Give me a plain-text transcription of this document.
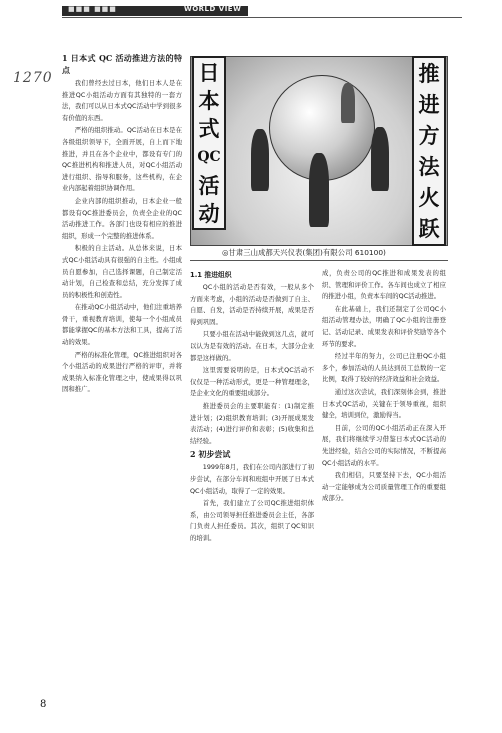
■■■ ■■■	WORLD VIEW
1270	日
本
式
QC
活
动
推
进
方
法
火
跃
◎甘肃三山成都天兴仪表(集团)有限公司 610100)
1 日本式 QC 活动推进方法的特点

我们曾经去过日本，他们日本人是在推进QC小组活动方面有其独特的一套方法，我们可以从日本式QC活动中学到很多有价值的东西。

严格的组织推动。QC活动在日本是在各级组织领导下，全面开展，自上而下地推进，并且在各个企业中，都设有专门的QC推进机构和推进人员，对QC小组活动进行组织、指导和服务，这些机构，在企业内部起着组织协调作用。

企业内部的组织推动，日本企业一般都设有QC推进委员会，负责全企业的QC活动推进工作。各部门也设有相应的推进组织，形成一个完整的推进体系。

积极的自主活动。从总体来说，日本式QC小组活动具有很强的自主性。小组成员自愿参加，自己选择课题，自己制定活动计划，自己检查和总结，充分发挥了成员的积极性和创造性。

在推动QC小组活动中，他们注重培养骨干，重视教育培训，使每一个小组成员都能掌握QC的基本方法和工具，提高了活动的效果。

严格的标准化管理，QC推进组织对各个小组活动的成果进行严格的评审，并将成果纳入标准化管理之中，使成果得以巩固和推广。

1.1 推进组织

QC小组的活动是否有效，一般从多个方面来考虑，小组的活动是否做到了自主、自愿、自发，活动是否持续开展，成果是否得到巩固。

只要小组在活动中能做到这几点，就可以认为是有效的活动。在日本，大部分企业都是这样做的。

这里需要说明的是，日本式QC活动不仅仅是一种活动形式，更是一种管理理念，是企业文化的重要组成部分。

推进委员会的主要职能有：(1)制定推进计划；(2)组织教育培训；(3)开展成果发表活动；(4)进行评价和表彰；(5)收集和总结经验。

2 初步尝试

1999年8月，我们在公司内部进行了初步尝试，在部分车间和班组中开展了日本式QC小组活动，取得了一定的效果。

首先，我们建立了公司QC推进组织体系，由公司领导担任推进委员会主任，各部门负责人担任委员。其次，组织了QC知识的培训。

成，负责公司的QC推进和成果发表的组织、管理和评价工作。各车间也成立了相应的推进小组，负责本车间的QC活动推进。

在此基础上，我们还制定了公司QC小组活动管理办法，明确了QC小组的注册登记、活动记录、成果发表和评价奖励等各个环节的要求。

经过半年的努力，公司已注册QC小组多个，参加活动的人员达到员工总数的一定比例，取得了较好的经济效益和社会效益。

通过这次尝试，我们深刻体会到，推进日本式QC活动，关键在于领导重视，组织健全，培训到位，激励得当。

目前，公司的QC小组活动正在深入开展，我们将继续学习借鉴日本式QC活动的先进经验，结合公司的实际情况，不断提高QC小组活动的水平。

我们相信，只要坚持下去，QC小组活动一定能够成为公司质量管理工作的重要组成部分。

8
